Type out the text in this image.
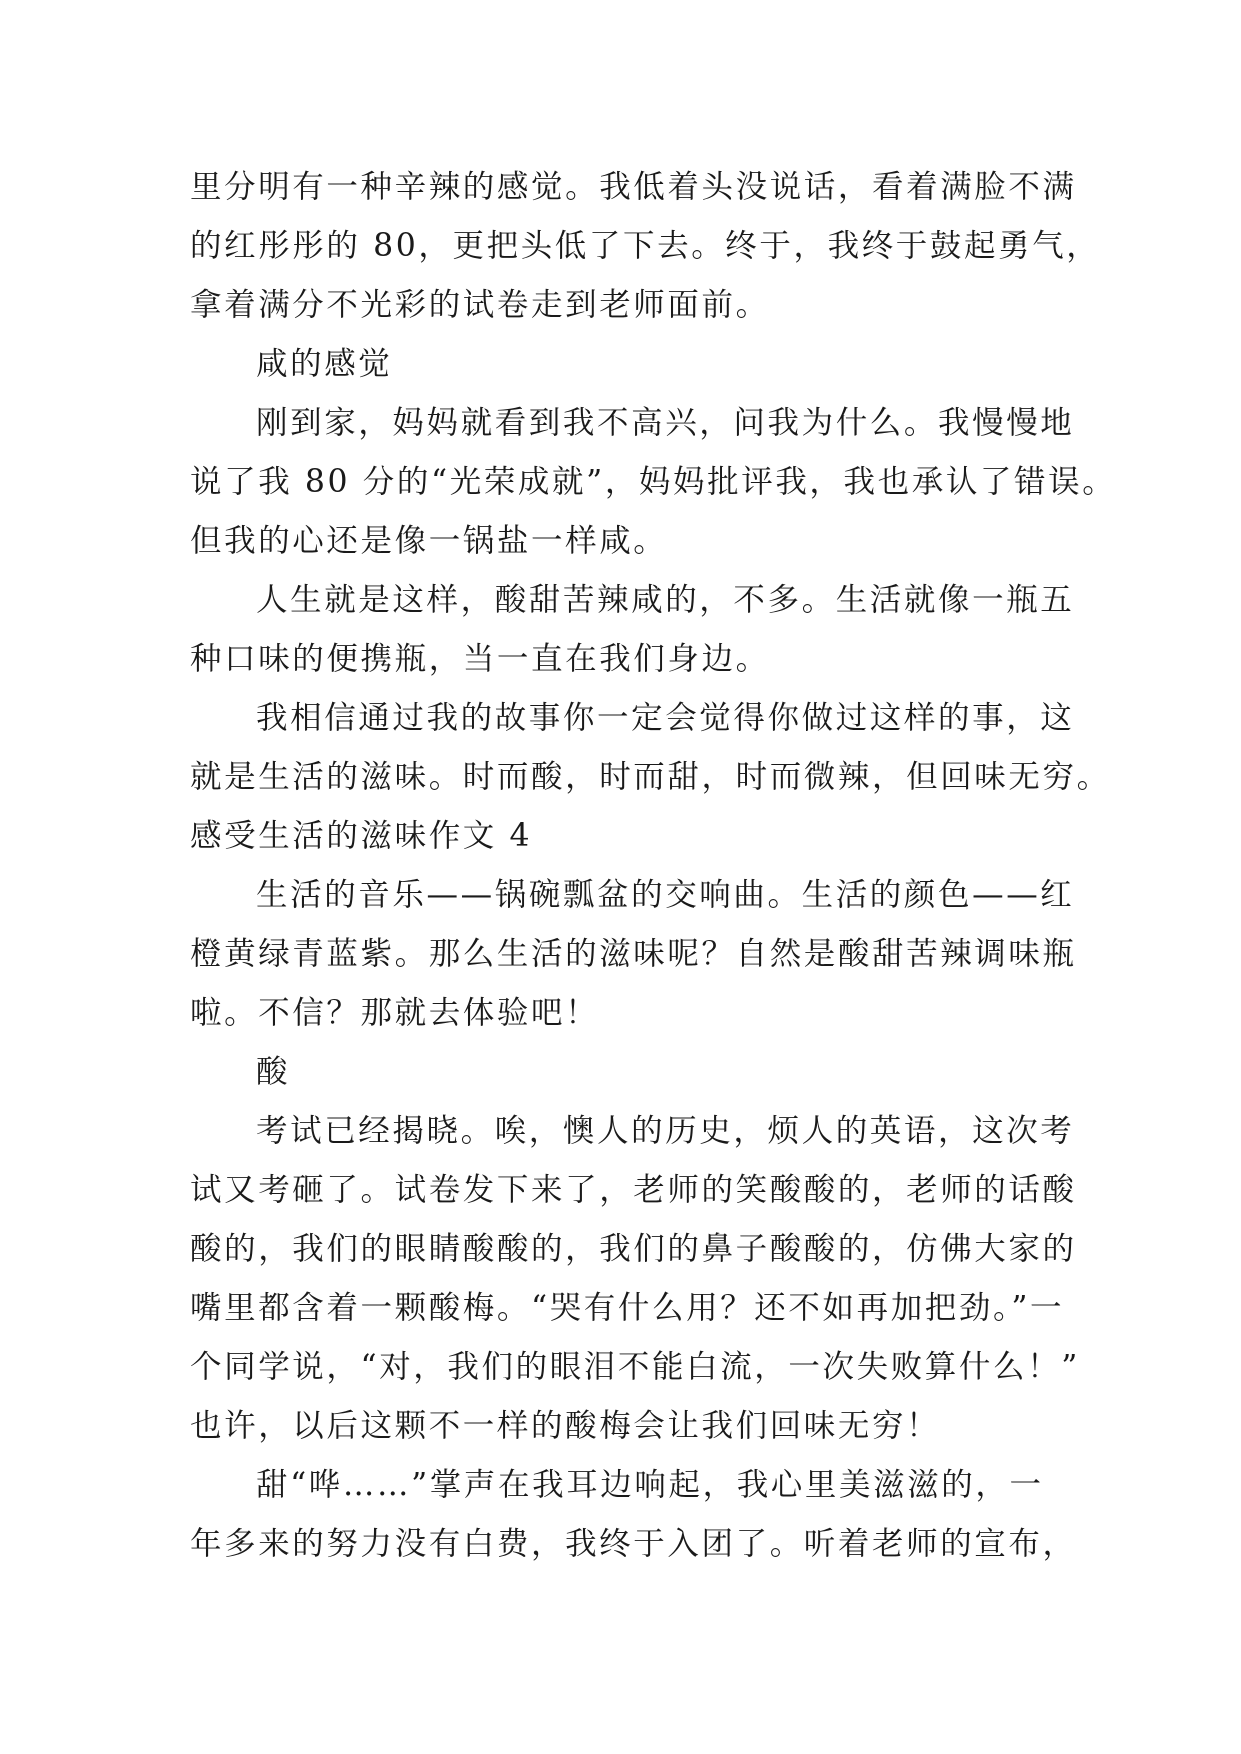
里分明有一种辛辣的感觉。我低着头没说话，看着满脸不满
的红彤彤的 80，更把头低了下去。终于，我终于鼓起勇气，
拿着满分不光彩的试卷走到老师面前。
咸的感觉
刚到家，妈妈就看到我不高兴，问我为什么。我慢慢地
说了我 80 分的“光荣成就”，妈妈批评我，我也承认了错误。
但我的心还是像一锅盐一样咸。
人生就是这样，酸甜苦辣咸的，不多。生活就像一瓶五
种口味的便携瓶，当一直在我们身边。
我相信通过我的故事你一定会觉得你做过这样的事，这
就是生活的滋味。时而酸，时而甜，时而微辣，但回味无穷。
感受生活的滋味作文 4
生活的音乐——锅碗瓢盆的交响曲。生活的颜色——红
橙黄绿青蓝紫。那么生活的滋味呢？自然是酸甜苦辣调味瓶
啦。不信？那就去体验吧！
酸
考试已经揭晓。唉，懊人的历史，烦人的英语，这次考
试又考砸了。试卷发下来了，老师的笑酸酸的，老师的话酸
酸的，我们的眼睛酸酸的，我们的鼻子酸酸的，仿佛大家的
嘴里都含着一颗酸梅。“哭有什么用？还不如再加把劲。”一
个同学说，“对，我们的眼泪不能白流，一次失败算什么！”
也许，以后这颗不一样的酸梅会让我们回味无穷！
甜“哗……”掌声在我耳边响起，我心里美滋滋的，一
年多来的努力没有白费，我终于入团了。听着老师的宣布，
